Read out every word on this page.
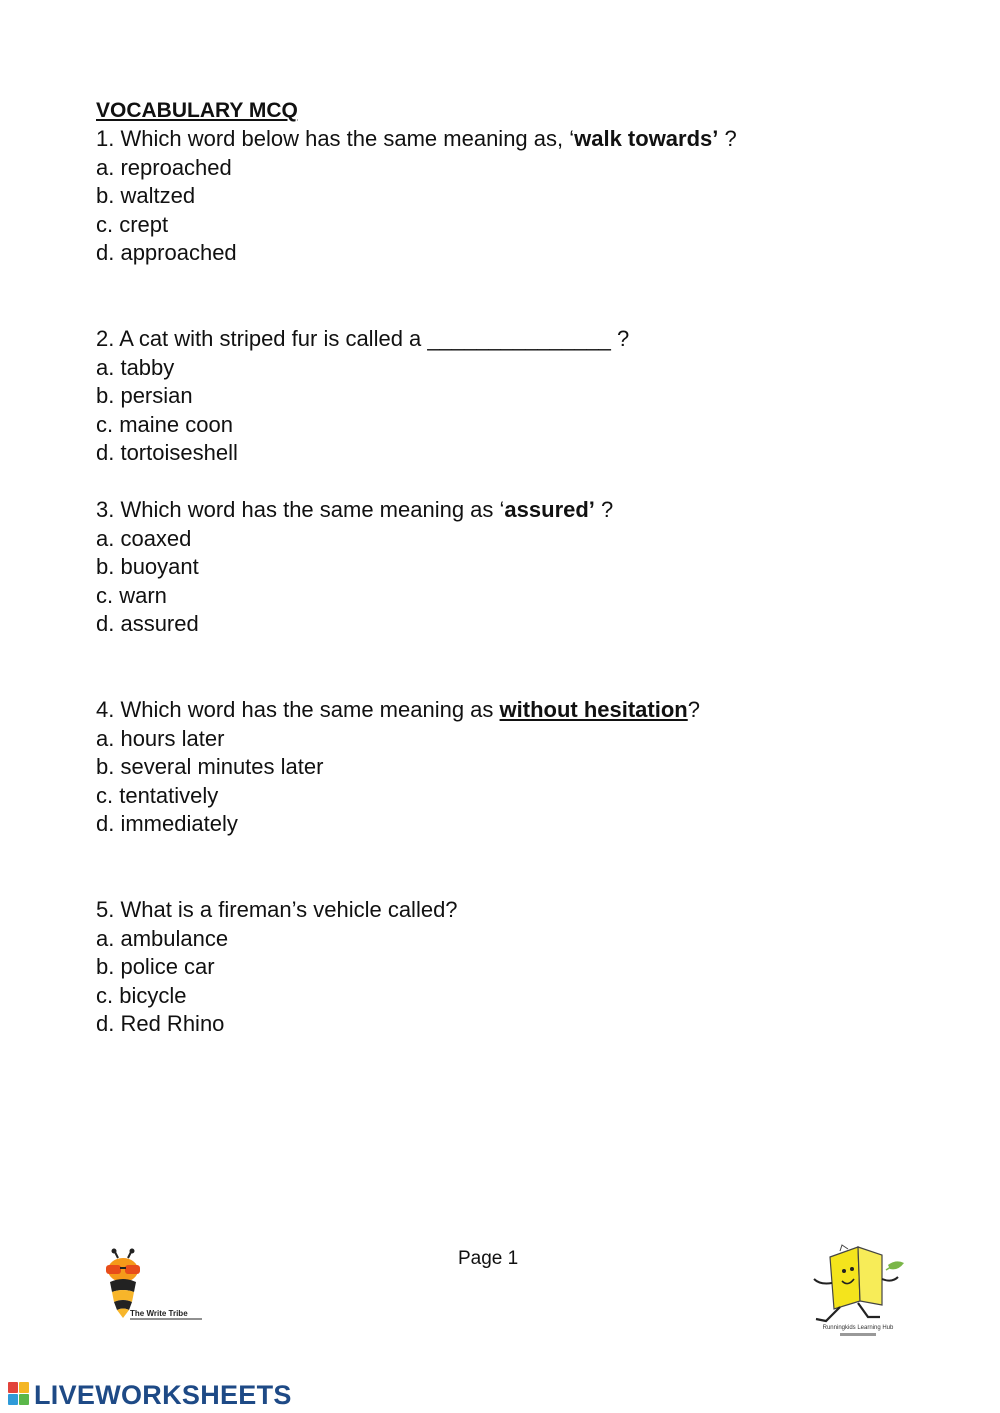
VOCABULARY MCQ

1. Which word below has the same meaning as, ‘walk towards’ ?

a. reproached

b. waltzed

c. crept

d. approached

2. A cat with striped fur is called a _______________ ?

a. tabby

b. persian

c. maine coon

d. tortoiseshell

3. Which word has the same meaning as ‘assured’ ?

a. coaxed

b. buoyant

c. warn

d. assured

4. Which word has the same meaning as without hesitation?

a. hours later

b. several minutes later

c. tentatively

d. immediately

5. What is a fireman’s vehicle called?

a. ambulance

b. police car

c. bicycle

d. Red Rhino

Page 1
The Write Tribe
Runningkids Learning Hub
LIVEWORKSHEETS
